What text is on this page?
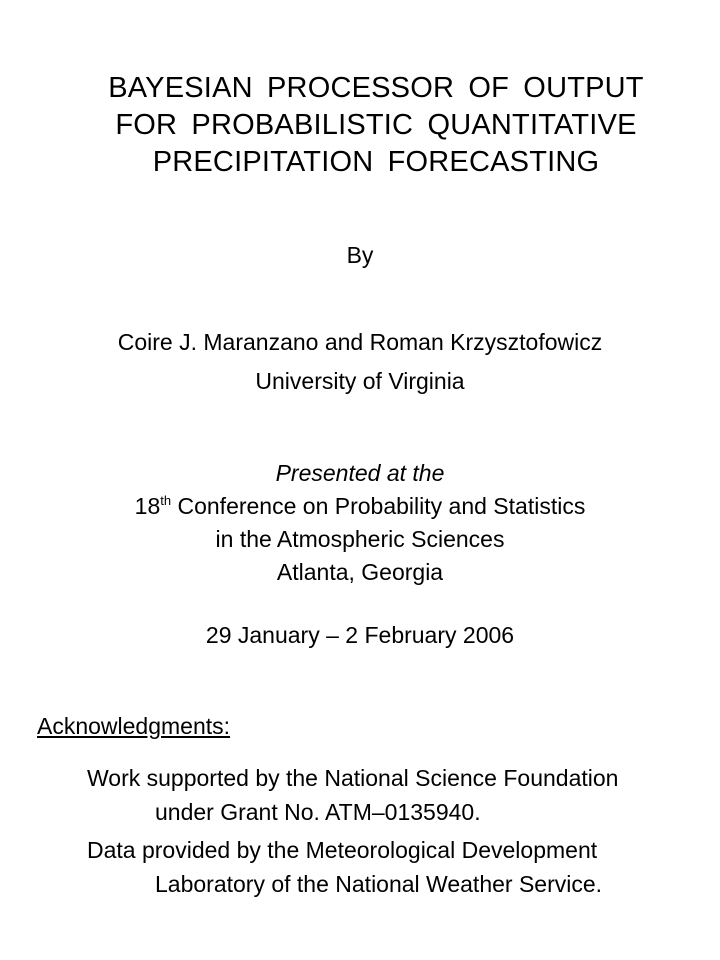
BAYESIAN PROCESSOR OF OUTPUT
FOR PROBABILISTIC QUANTITATIVE
PRECIPITATION FORECASTING
By
Coire J. Maranzano and Roman Krzysztofowicz
University of Virginia
Presented at the
18th Conference on Probability and Statistics
in the Atmospheric Sciences
Atlanta, Georgia
29 January – 2 February 2006
Acknowledgments:
Work supported by the National Science Foundation
under Grant No. ATM–0135940.
Data provided by the Meteorological Development
Laboratory of the National Weather Service.
